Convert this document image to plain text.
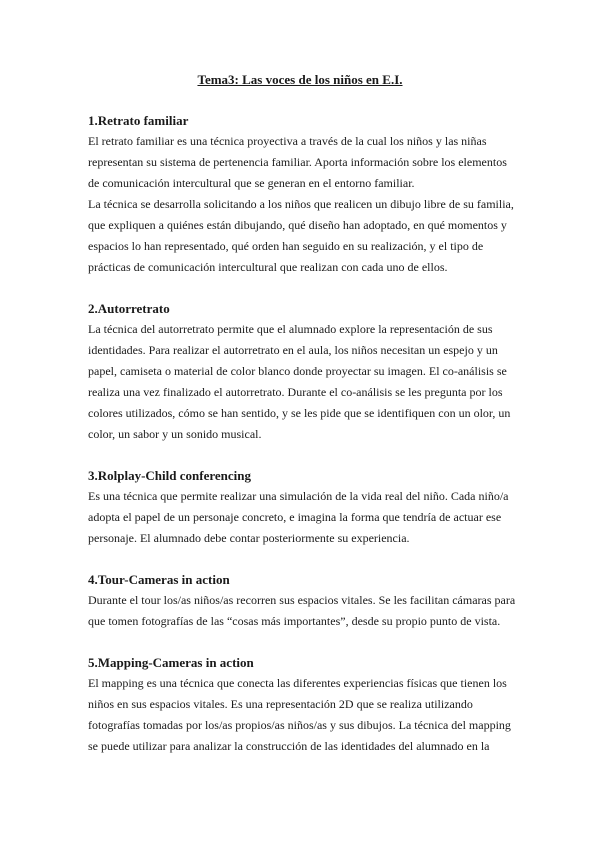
Tema3: Las voces de los niños en E.I.
1.Retrato familiar

El retrato familiar es una técnica proyectiva a través de la cual los niños y las niñas representan su sistema de pertenencia familiar. Aporta información sobre los elementos de comunicación intercultural que se generan en el entorno familiar.

La técnica se desarrolla solicitando a los niños que realicen un dibujo libre de su familia, que expliquen a quiénes están dibujando, qué diseño han adoptado, en qué momentos y espacios lo han representado, qué orden han seguido en su realización, y el tipo de prácticas de comunicación intercultural que realizan con cada uno de ellos.

2.Autorretrato

La técnica del autorretrato permite que el alumnado explore la representación de sus identidades. Para realizar el autorretrato en el aula, los niños necesitan un espejo y un papel, camiseta o material de color blanco donde proyectar su imagen. El co-análisis se realiza una vez finalizado el autorretrato. Durante el co-análisis se les pregunta por los colores utilizados, cómo se han sentido, y se les pide que se identifiquen con un olor, un color, un sabor y un sonido musical.

3.Rolplay-Child conferencing

Es una técnica que permite realizar una simulación de la vida real del niño. Cada niño/a adopta el papel de un personaje concreto, e imagina la forma que tendría de actuar ese personaje. El alumnado debe contar posteriormente su experiencia.

4.Tour-Cameras in action

Durante el tour los/as niños/as recorren sus espacios vitales. Se les facilitan cámaras para que tomen fotografías de las “cosas más importantes”, desde su propio punto de vista.

5.Mapping-Cameras in action

El mapping es una técnica que conecta las diferentes experiencias físicas que tienen los niños en sus espacios vitales. Es una representación 2D que se realiza utilizando fotografías tomadas por los/as propios/as niños/as y sus dibujos. La técnica del mapping se puede utilizar para analizar la construcción de las identidades del alumnado en la
